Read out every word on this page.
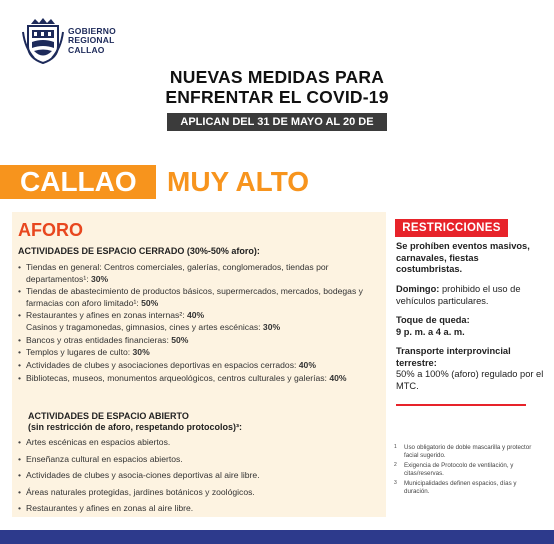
GOBIERNO
REGIONAL
CALLAO
NUEVAS MEDIDAS PARA
ENFRENTAR EL COVID-19
APLICAN DEL 31 DE MAYO AL 20 DE JUNIO
CALLAO	MUY ALTO
AFORO
ACTIVIDADES DE ESPACIO CERRADO (30%-50% aforo):
• Tiendas en general: Centros comerciales, galerías, conglomerados, tiendas por departamentos¹: 30%
• Tiendas de abastecimiento de productos básicos, supermercados, mercados, bodegas y farmacias con aforo limitado¹: 50%
• Restaurantes y afines en zonas internas²: 40%
Casinos y tragamonedas, gimnasios, cines y artes escénicas: 30%
• Bancos y otras entidades financieras: 50%
• Templos y lugares de culto: 30%
• Actividades de clubes y asociaciones deportivas en espacios cerrados: 40%
• Bibliotecas, museos, monumentos arqueológicos, centros culturales y galerías: 40%
ACTIVIDADES DE ESPACIO ABIERTO
(sin restricción de aforo, respetando protocolos)³:
• Artes escénicas en espacios abiertos.
• Enseñanza cultural en espacios abiertos.
• Actividades de clubes y asocia-ciones deportivas al aire libre.
• Áreas naturales protegidas, jardines botánicos y zoológicos.
• Restaurantes y afines en zonas al aire libre.
RESTRICCIONES
Se prohíben eventos masivos, carnavales, fiestas costumbristas.
Domingo: prohibido el uso de vehículos particulares.
Toque de queda:
9 p. m. a 4 a. m.
Transporte interprovincial terrestre:
50% a 100% (aforo) regulado por el MTC.
1 Uso obligatorio de doble mascarilla y protector facial sugerido.
2 Exigencia de Protocolo de ventilación, y citas/reservas.
3 Municipalidades definen espacios, días y duración.
